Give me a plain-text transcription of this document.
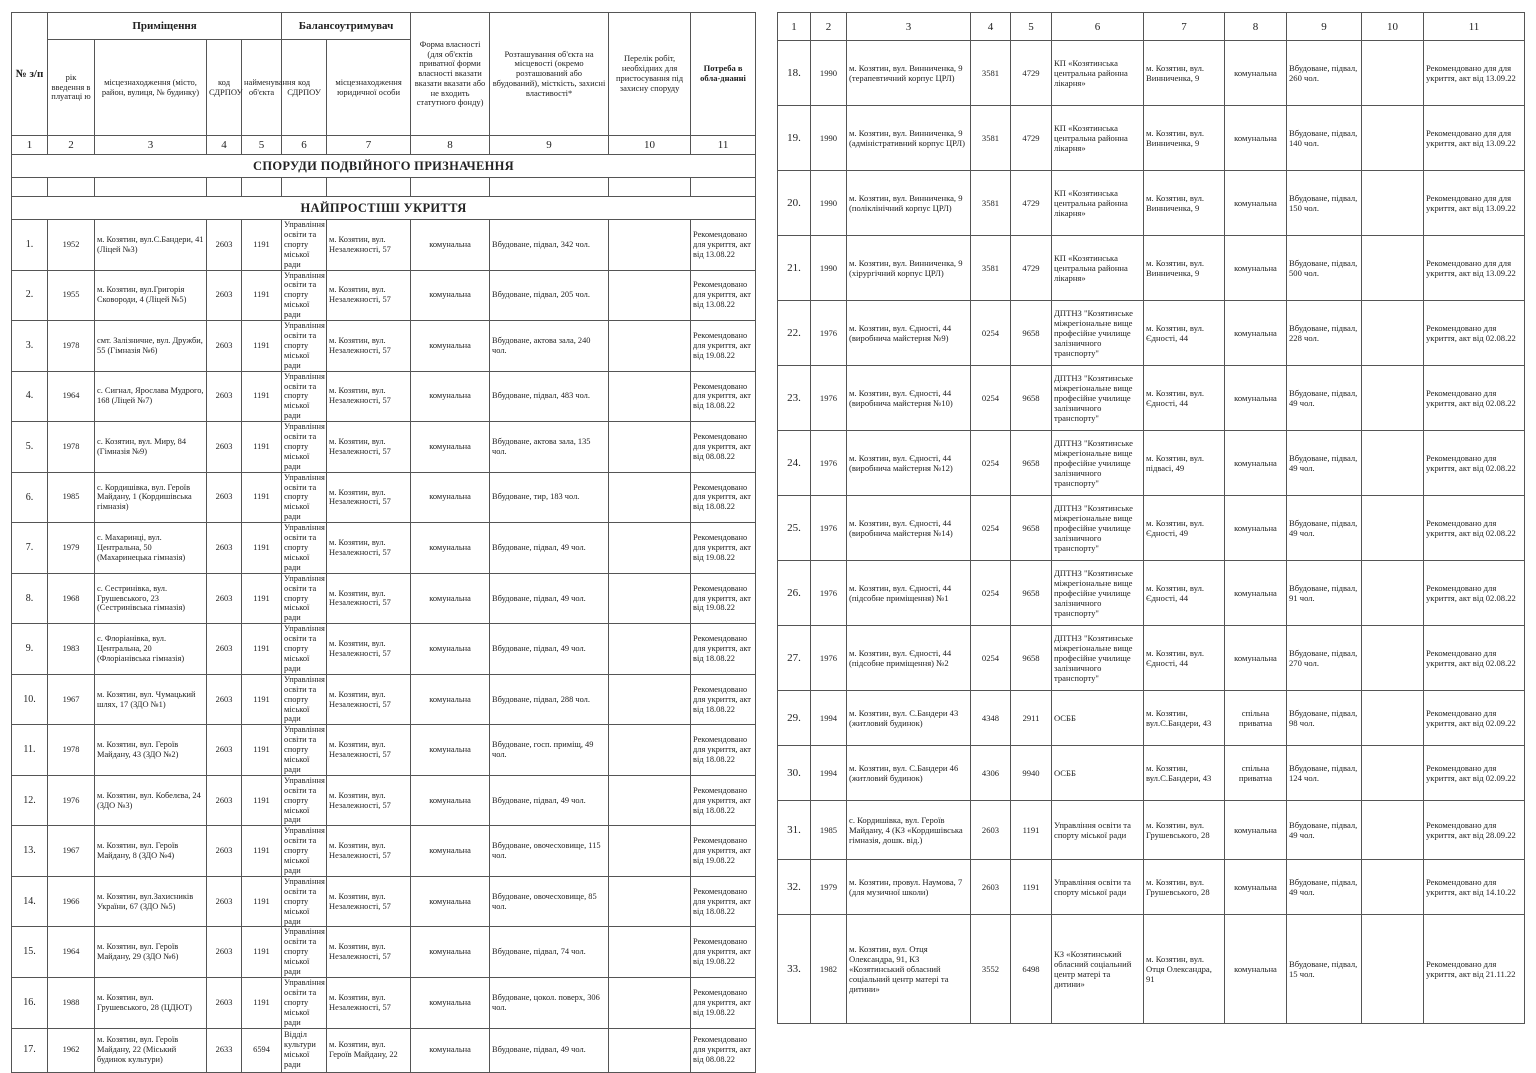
№ з/п	Приміщення				Балансоутримувач		Форма власності (для об'єктів приватної форми власності вказати вказати вказати або не входить статутного фонду)	Розташування об'єкта на місцевості (окремо розташований або вбудований), місткість, захисні властивості*	Перелік робіт, необхідних для пристосування під захисну споруду	Потреба в обла-днанні
	рік введення в плуатаці ю	місцезнаходження (місто, район, вулиця, № будинку)	код СДРПОУ	найменування об'єкта	код СДРПОУ	місцезнаходження юридичної особи				
1	2	3	4	5	6	7	8	9	10	11
СПОРУДИ ПОДВІЙНОГО ПРИЗНАЧЕННЯ										

НАЙПРОСТІШІ УКРИТТЯ										
1.	1952	м. Козятин, вул.С.Бандери, 41 (Ліцей №3)	2603	1191	Управління освіти та спорту міської ради	м. Козятин, вул. Незалежності, 57	комунальна	Вбудоване, підвал, 342 чол.		Рекомендовано для укриття, акт від 13.08.22
2.	1955	м. Козятин, вул.Григорія Сковороди, 4 (Ліцей №5)	2603	1191	Управління освіти та спорту міської ради	м. Козятин, вул. Незалежності, 57	комунальна	Вбудоване, підвал, 205 чол.		Рекомендовано для укриття, акт від 13.08.22
3.	1978	смт. Залізничне, вул. Дружби, 55 (Гімназія №6)	2603	1191	Управління освіти та спорту міської ради	м. Козятин, вул. Незалежності, 57	комунальна	Вбудоване, актова зала, 240 чол.		Рекомендовано для укриття, акт від 19.08.22
4.	1964	с. Сигнал, Ярослава Мудрого, 168 (Ліцей №7)	2603	1191	Управління освіти та спорту міської ради	м. Козятин, вул. Незалежності, 57	комунальна	Вбудоване, підвал, 483 чол.		Рекомендовано для укриття, акт від 18.08.22
5.	1978	с. Козятин, вул. Миру, 84 (Гімназія №9)	2603	1191	Управління освіти та спорту міської ради	м. Козятин, вул. Незалежності, 57	комунальна	Вбудоване, актова зала, 135 чол.		Рекомендовано для укриття, акт від 08.08.22
6.	1985	с. Кордишівка, вул. Героїв Майдану, 1 (Кордишівська гімназія)	2603	1191	Управління освіти та спорту міської ради	м. Козятин, вул. Незалежності, 57	комунальна	Вбудоване, тир, 183 чол.		Рекомендовано для укриття, акт від 18.08.22
7.	1979	с. Махаринці, вул. Центральна, 50 (Махаринецька гімназія)	2603	1191	Управління освіти та спорту міської ради	м. Козятин, вул. Незалежності, 57	комунальна	Вбудоване, підвал, 49 чол.		Рекомендовано для укриття, акт від 19.08.22
8.	1968	с. Сестринівка, вул. Грушевського, 23 (Сестринівська гімназія)	2603	1191	Управління освіти та спорту міської ради	м. Козятин, вул. Незалежності, 57	комунальна	Вбудоване, підвал, 49 чол.		Рекомендовано для укриття, акт від 19.08.22
9.	1983	с. Флоріанівка, вул. Центральна, 20 (Флоріанівська гімназія)	2603	1191	Управління освіти та спорту міської ради	м. Козятин, вул. Незалежності, 57	комунальна	Вбудоване, підвал, 49 чол.		Рекомендовано для укриття, акт від 18.08.22
10.	1967	м. Козятин, вул. Чумацький шлях, 17 (ЗДО №1)	2603	1191	Управління освіти та спорту міської ради	м. Козятин, вул. Незалежності, 57	комунальна	Вбудоване, підвал, 288 чол.		Рекомендовано для укриття, акт від 18.08.22
11.	1978	м. Козятин, вул. Героїв Майдану, 43 (ЗДО №2)	2603	1191	Управління освіти та спорту міської ради	м. Козятин, вул. Незалежності, 57	комунальна	Вбудоване, госп. приміщ, 49 чол.		Рекомендовано для укриття, акт від 18.08.22
12.	1976	м. Козятин, вул. Кобелєва, 24 (ЗДО №3)	2603	1191	Управління освіти та спорту міської ради	м. Козятин, вул. Незалежності, 57	комунальна	Вбудоване, підвал, 49 чол.		Рекомендовано для укриття, акт від 18.08.22
13.	1967	м. Козятин, вул. Героїв Майдану, 8 (ЗДО №4)	2603	1191	Управління освіти та спорту міської ради	м. Козятин, вул. Незалежності, 57	комунальна	Вбудоване, овочесховище, 115 чол.		Рекомендовано для укриття, акт від 19.08.22
14.	1966	м. Козятин, вул.Захисників України, 67 (ЗДО №5)	2603	1191	Управління освіти та спорту міської ради	м. Козятин, вул. Незалежності, 57	комунальна	Вбудоване, овочесховище, 85 чол.		Рекомендовано для укриття, акт від 18.08.22
15.	1964	м. Козятин, вул. Героїв Майдану, 29 (ЗДО №6)	2603	1191	Управління освіти та спорту міської ради	м. Козятин, вул. Незалежності, 57	комунальна	Вбудоване, підвал, 74 чол.		Рекомендовано для укриття, акт від 19.08.22
16.	1988	м. Козятин, вул. Грушевського, 28 (ЦДЮТ)	2603	1191	Управління освіти та спорту міської ради	м. Козятин, вул. Незалежності, 57	комунальна	Вбудоване, цокол. поверх, 306 чол.		Рекомендовано для укриття, акт від 19.08.22
17.	1962	м. Козятин, вул. Героїв Майдану, 22 (Міський будинок культури)	2633	6594	Відділ культури міської ради	м. Козятин, вул. Героїв Майдану, 22	комунальна	Вбудоване, підвал, 49 чол.		Рекомендовано для укриття, акт від 08.08.22
1	2	3	4	5	6	7	8	9	10	11
18.	1990	м. Козятин, вул. Винниченка, 9 (терапевтичний корпус ЦРЛ)	3581	4729	КП «Козятинська центральна районна лікарня»	м. Козятин, вул. Винниченка, 9	комунальна	Вбудоване, підвал, 260 чол.		Рекомендовано для для укриття, акт від 13.09.22
19.	1990	м. Козятин, вул. Винниченка, 9 (адміністративний корпус ЦРЛ)	3581	4729	КП «Козятинська центральна районна лікарня»	м. Козятин, вул. Винниченка, 9	комунальна	Вбудоване, підвал, 140 чол.		Рекомендовано для для укриття, акт від 13.09.22
20.	1990	м. Козятин, вул. Винниченка, 9 (поліклінічний корпус ЦРЛ)	3581	4729	КП «Козятинська центральна районна лікарня»	м. Козятин, вул. Винниченка, 9	комунальна	Вбудоване, підвал, 150 чол.		Рекомендовано для для укриття, акт від 13.09.22
21.	1990	м. Козятин, вул. Винниченка, 9 (хірургічний корпус ЦРЛ)	3581	4729	КП «Козятинська центральна районна лікарня»	м. Козятин, вул. Винниченка, 9	комунальна	Вбудоване, підвал, 500 чол.		Рекомендовано для для укриття, акт від 13.09.22
22.	1976	м. Козятин, вул. Єдності, 44 (виробнича майстерня №9)	0254	9658	ДПТНЗ "Козятинське міжрегіональне вище професійне училище залізничного транспорту"	м. Козятин, вул. Єдності, 44	комунальна	Вбудоване, підвал, 228 чол.		Рекомендовано для укриття, акт від 02.08.22
23.	1976	м. Козятин, вул. Єдності, 44 (виробнича майстерня №10)	0254	9658	ДПТНЗ "Козятинське міжрегіональне вище професійне училище залізничного транспорту"	м. Козятин, вул. Єдності, 44	комунальна	Вбудоване, підвал, 49 чол.		Рекомендовано для укриття, акт від 02.08.22
24.	1976	м. Козятин, вул. Єдності, 44 (виробнича майстерня №12)	0254	9658	ДПТНЗ "Козятинське міжрегіональне вище професійне училище залізничного транспорту"	м. Козятин, вул. підвасі, 49	комунальна	Вбудоване, підвал, 49 чол.		Рекомендовано для укриття, акт від 02.08.22
25.	1976	м. Козятин, вул. Єдності, 44 (виробнича майстерня №14)	0254	9658	ДПТНЗ "Козятинське міжрегіональне вище професійне училище залізничного транспорту"	м. Козятин, вул. Єдності, 49	комунальна	Вбудоване, підвал, 49 чол.		Рекомендовано для укриття, акт від 02.08.22
26.	1976	м. Козятин, вул. Єдності, 44 (підсобне приміщення) №1	0254	9658	ДПТНЗ "Козятинське міжрегіональне вище професійне училище залізничного транспорту"	м. Козятин, вул. Єдності, 44	комунальна	Вбудоване, підвал, 91 чол.		Рекомендовано для укриття, акт від 02.08.22
27.	1976	м. Козятин, вул. Єдності, 44 (підсобне приміщення) №2	0254	9658	ДПТНЗ "Козятинське міжрегіональне вище професійне училище залізничного транспорту"	м. Козятин, вул. Єдності, 44	комунальна	Вбудоване, підвал, 270 чол.		Рекомендовано для укриття, акт від 02.08.22
29.	1994	м. Козятин, вул. С.Бандери 43 (житловий будинок)	4348	2911	ОСББ	м. Козятин, вул.С.Бандери, 43	спільна приватна	Вбудоване, підвал, 98 чол.		Рекомендовано для укриття, акт від 02.09.22
30.	1994	м. Козятин, вул. С.Бандери 46 (житловий будинок)	4306	9940	ОСББ	м. Козятин, вул.С.Бандери, 43	спільна приватна	Вбудоване, підвал, 124 чол.		Рекомендовано для укриття, акт від 02.09.22
31.	1985	с. Кордишівка, вул. Героїв Майдану, 4 (КЗ «Кордишівська гімназія, дошк. від.)	2603	1191	Управління освіти та спорту міської ради	м. Козятин, вул. Грушевського, 28	комунальна	Вбудоване, підвал, 49 чол.		Рекомендовано для укриття, акт від 28.09.22
32.	1979	м. Козятин, провул. Наумова, 7 (для музичної школи)	2603	1191	Управління освіти та спорту міської ради	м. Козятин, вул. Грушевського, 28	комунальна	Вбудоване, підвал, 49 чол.		Рекомендовано для укриття, акт від 14.10.22
33.	1982	м. Козятин, вул. Отця Олександра, 91, КЗ «Козятинський обласний соціальний центр матері та дитини»	3552	6498	КЗ «Козятинський обласний соціальний центр матері та дитини»	м. Козятин, вул. Отця Олександра, 91	комунальна	Вбудоване, підвал, 15 чол.		Рекомендовано для укриття, акт від 21.11.22
